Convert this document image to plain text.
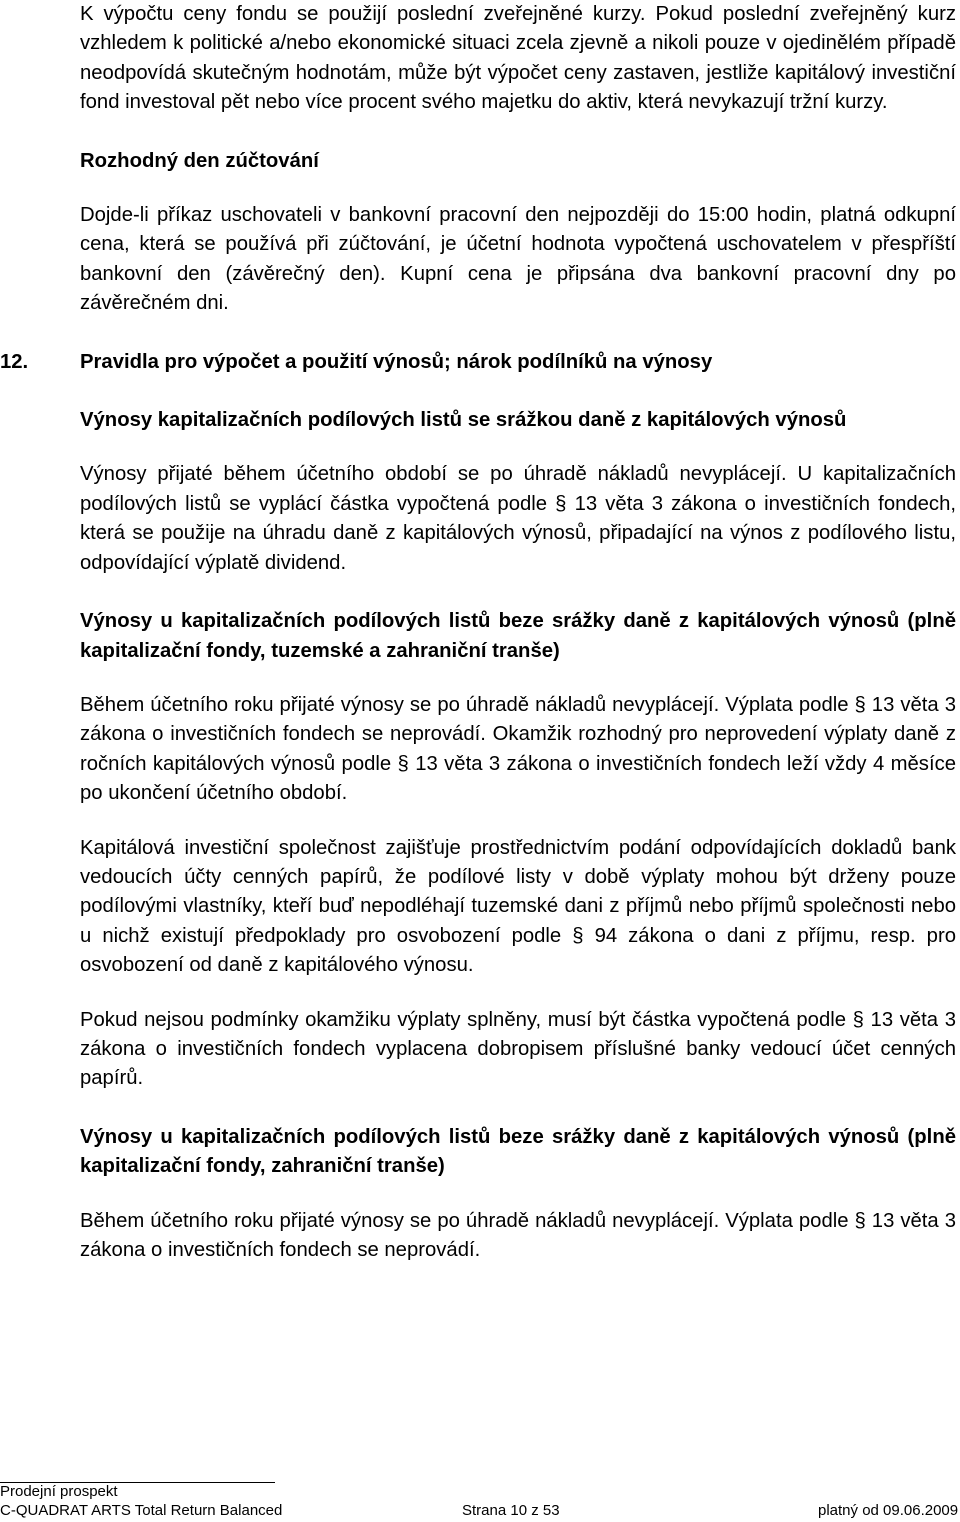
K výpočtu ceny fondu se použijí poslední zveřejněné kurzy. Pokud poslední zveřejněný kurz vzhledem k politické a/nebo ekonomické situaci zcela zjevně a nikoli pouze v ojedinělém případě neodpovídá skutečným hodnotám, může být výpočet ceny zastaven, jestliže kapitálový investiční fond investoval pět nebo více procent svého majetku do aktiv, která nevykazují tržní kurzy.

Rozhodný den zúčtování

Dojde-li příkaz uschovateli v bankovní pracovní den nejpozději do 15:00 hodin, platná odkupní cena, která se používá při zúčtování, je účetní hodnota vypočtená uschovatelem v přespříští bankovní den (závěrečný den). Kupní cena je připsána dva bankovní pracovní dny po závěrečném dni.

12.	Pravidla pro výpočet a použití výnosů; nárok podílníků na výnosy

Výnosy kapitalizačních podílových listů se srážkou daně z kapitálových výnosů

Výnosy přijaté během účetního období se po úhradě nákladů nevyplácejí. U kapitalizačních podílových listů se vyplácí částka vypočtená podle § 13 věta 3 zákona o investičních fondech, která se použije na úhradu daně z kapitálových výnosů, připadající na výnos z podílového listu, odpovídající výplatě dividend.

Výnosy u kapitalizačních podílových listů beze srážky daně z kapitálových výnosů (plně kapitalizační fondy, tuzemské a zahraniční tranše)

Během účetního roku přijaté výnosy se po úhradě nákladů nevyplácejí. Výplata podle § 13 věta 3 zákona o investičních fondech se neprovádí. Okamžik rozhodný pro neprovedení výplaty daně z ročních kapitálových výnosů podle § 13 věta 3 zákona o investičních fondech leží vždy 4 měsíce po ukončení účetního období.

Kapitálová investiční společnost zajišťuje prostřednictvím podání odpovídajících dokladů bank vedoucích účty cenných papírů, že podílové listy v době výplaty mohou být drženy pouze podílovými vlastníky, kteří buď nepodléhají tuzemské dani z příjmů nebo příjmů společnosti nebo u nichž existují předpoklady pro osvobození podle § 94 zákona o dani z příjmu, resp. pro osvobození od daně z kapitálového výnosu.

Pokud nejsou podmínky okamžiku výplaty splněny, musí být částka vypočtená podle § 13 věta 3 zákona o investičních fondech vyplacena dobropisem příslušné banky vedoucí účet cenných papírů.

Výnosy u kapitalizačních podílových listů beze srážky daně z kapitálových výnosů (plně kapitalizační fondy, zahraniční tranše)

Během účetního roku přijaté výnosy se po úhradě nákladů nevyplácejí. Výplata podle § 13 věta 3 zákona o investičních fondech se neprovádí.

Prodejní prospekt
C-QUADRAT ARTS Total Return Balanced	Strana 10 z 53	platný od 09.06.2009
